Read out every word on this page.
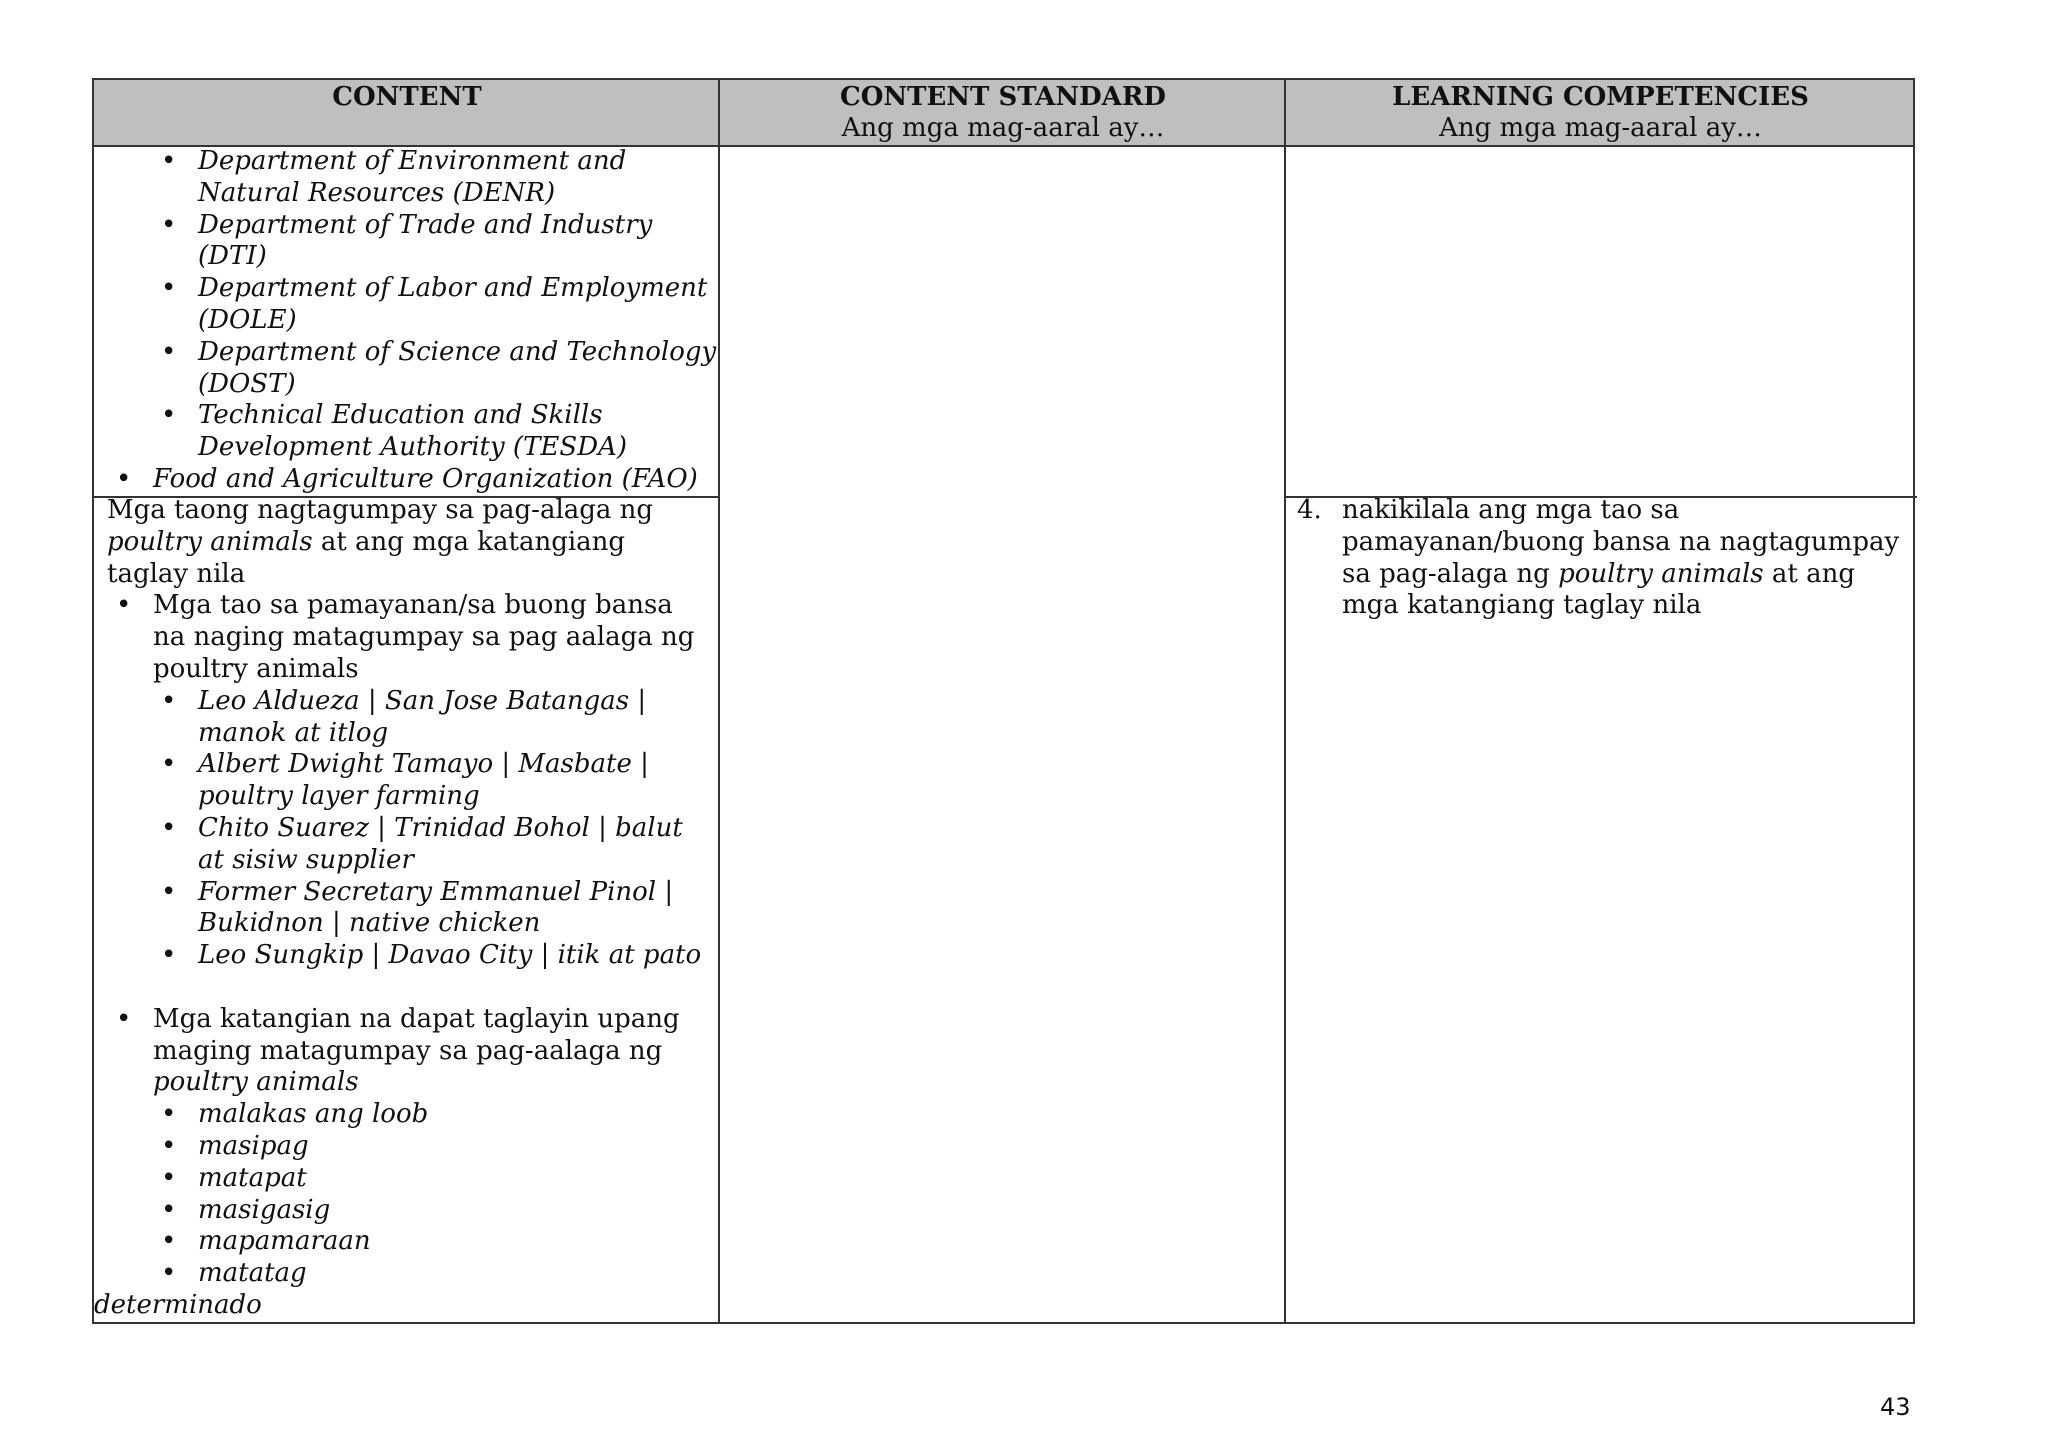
CONTENT	CONTENT STANDARD
Ang mga mag-aaral ay…
LEARNING COMPETENCIES
Ang mga mag-aaral ay…
• Department of Environment and Natural Resources (DENR)
• Department of Trade and Industry (DTI)
• Department of Labor and Employment (DOLE)
• Department of Science and Technology (DOST)
• Technical Education and Skills Development Authority (TESDA)
• Food and Agriculture Organization (FAO)
Mga taong nagtagumpay sa pag-alaga ng poultry animals at ang mga katangiang taglay nila
• Mga tao sa pamayanan/sa buong bansa na naging matagumpay sa pag aalaga ng poultry animals
• Leo Aldueza | San Jose Batangas | manok at itlog
• Albert Dwight Tamayo | Masbate | poultry layer farming
• Chito Suarez | Trinidad Bohol | balut at sisiw supplier
• Former Secretary Emmanuel Pinol | Bukidnon | native chicken
• Leo Sungkip | Davao City | itik at pato
• Mga katangian na dapat taglayin upang maging matagumpay sa pag-aalaga ng poultry animals
• malakas ang loob
• masipag
• matapat
• masigasig
• mapamaraan
• matatag
determinado
4. nakikilala ang mga tao sa pamayanan/buong bansa na nagtagumpay sa pag-alaga ng poultry animals at ang mga katangiang taglay nila
43
